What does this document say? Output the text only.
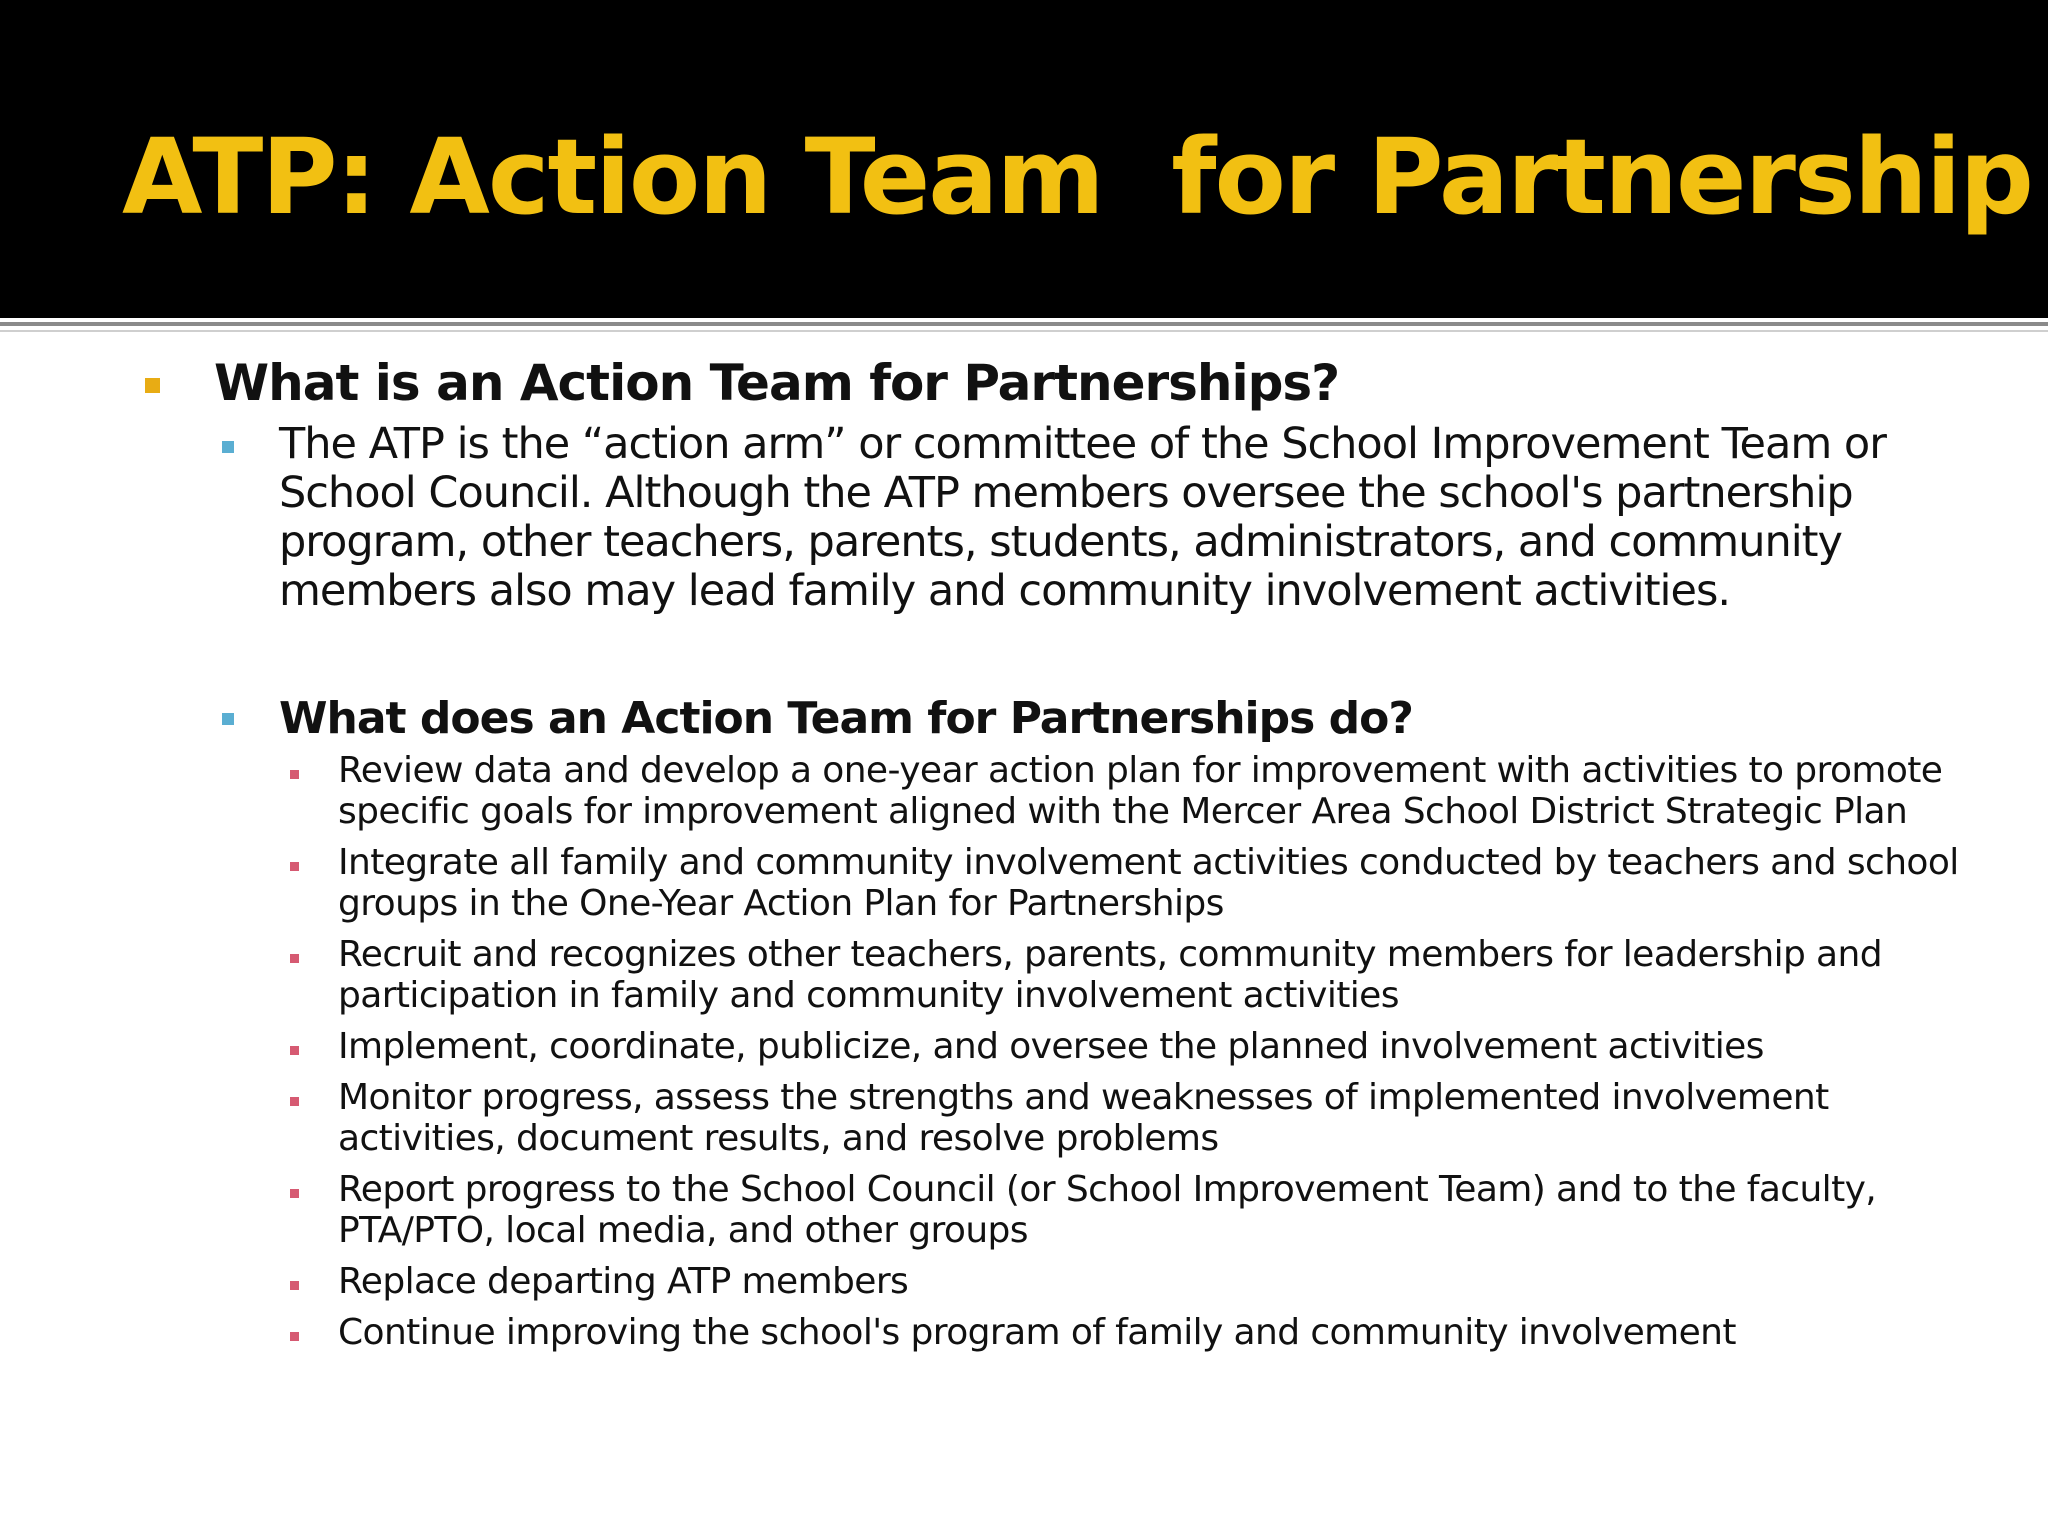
ATP: Action Team  for Partnership
What is an Action Team for Partnerships?

The ATP is the “action arm” or committee of the School Improvement Team or School Council. Although the ATP members oversee the school's partnership program, other teachers, parents, students, administrators, and community members also may lead family and community involvement activities.

What does an Action Team for Partnerships do?
Review data and develop a one-year action plan for improvement with activities to promote specific goals for improvement aligned with the Mercer Area School District Strategic Plan
Integrate all family and community involvement activities conducted by teachers and school groups in the One-Year Action Plan for Partnerships
Recruit and recognizes other teachers, parents, community members for leadership and participation in family and community involvement activities
Implement, coordinate, publicize, and oversee the planned involvement activities
Monitor progress, assess the strengths and weaknesses of implemented involvement activities, document results, and resolve problems
Report progress to the School Council (or School Improvement Team) and to the faculty, PTA/PTO, local media, and other groups
Replace departing ATP members
Continue improving the school's program of family and community involvement
